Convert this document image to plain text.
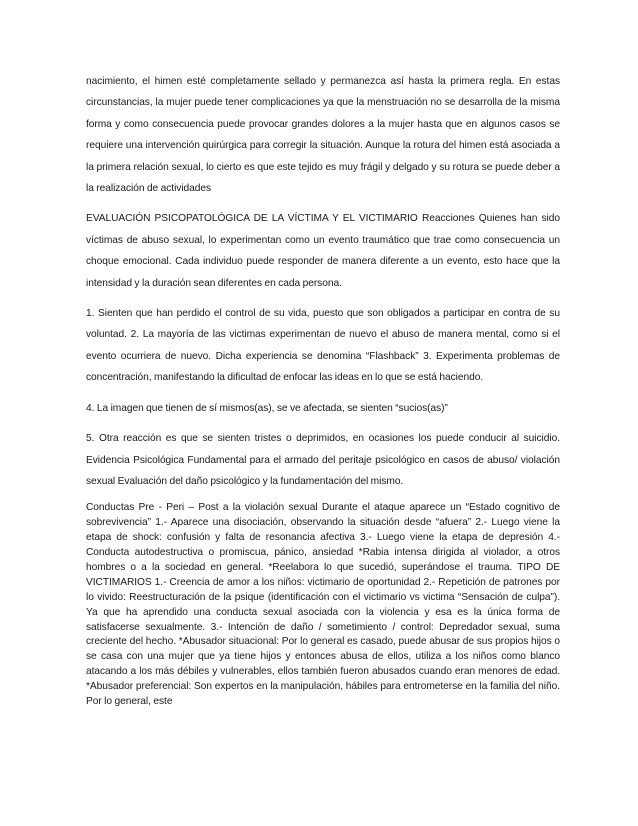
nacimiento, el himen esté completamente sellado y permanezca así hasta la primera regla. En estas circunstancias, la mujer puede tener complicaciones ya que la menstruación no se desarrolla de la misma forma y como consecuencia puede provocar grandes dolores a la mujer hasta que en algunos casos se requiere una intervención quirúrgica para corregir la situación. Aunque la rotura del himen está asociada a la primera relación sexual, lo cierto es que este tejido es muy frágil y delgado y su rotura se puede deber a la realización de actividades

EVALUACIÓN PSICOPATOLÓGICA DE LA VÍCTIMA Y EL VICTIMARIO Reacciones Quienes han sido víctimas de abuso sexual, lo experimentan como un evento traumático que trae como consecuencia un choque emocional. Cada individuo puede responder de manera diferente a un evento, esto hace que la intensidad y la duración sean diferentes en cada persona.

1. Sienten que han perdido el control de su vida, puesto que son obligados a participar en contra de su voluntad. 2. La mayoría de las victimas experimentan de nuevo el abuso de manera mental, como si el evento ocurriera de nuevo. Dicha experiencia se denomina “Flashback” 3. Experimenta problemas de concentración, manifestando la dificultad de enfocar las ideas en lo que se está haciendo.

4. La imagen que tienen de sí mismos(as), se ve afectada, se sienten “sucios(as)”

5. Otra reacción es que se sienten tristes o deprimidos, en ocasiones los puede conducir al suicidio. Evidencia Psicológica Fundamental para el armado del peritaje psicológico en casos de abuso/ violación sexual Evaluación del daño psicológico y la fundamentación del mismo.

Conductas Pre - Peri – Post a la violación sexual Durante el ataque aparece un “Estado cognitivo de sobrevivencia” 1.- Aparece una disociación, observando la situación desde “afuera” 2.- Luego viene la etapa de shock: confusión y falta de resonancia afectiva 3.- Luego viene la etapa de depresión 4.- Conducta autodestructiva o promiscua, pánico, ansiedad *Rabia intensa dirigida al violador, a otros hombres o a la sociedad en general. *Reelabora lo que sucedió, superándose el trauma. TIPO DE VICTIMARIOS 1.- Creencia de amor a los niños: victimario de oportunidad 2.- Repetición de patrones por lo vivido: Reestructuración de la psique (identificación con el victimario vs victima “Sensación de culpa”). Ya que ha aprendido una conducta sexual asociada con la violencia y esa es la única forma de satisfacerse sexualmente. 3.- Intención de daño / sometimiento / control: Depredador sexual, suma creciente del hecho. *Abusador situacional: Por lo general es casado, puede abusar de sus propios hijos o se casa con una mujer que ya tiene hijos y entonces abusa de ellos, utiliza a los niños como blanco atacando a los más débiles y vulnerables, ellos también fueron abusados cuando eran menores de edad. *Abusador preferencial: Son expertos en la manipulación, hábiles para entrometerse en la familia del niño. Por lo general, este
